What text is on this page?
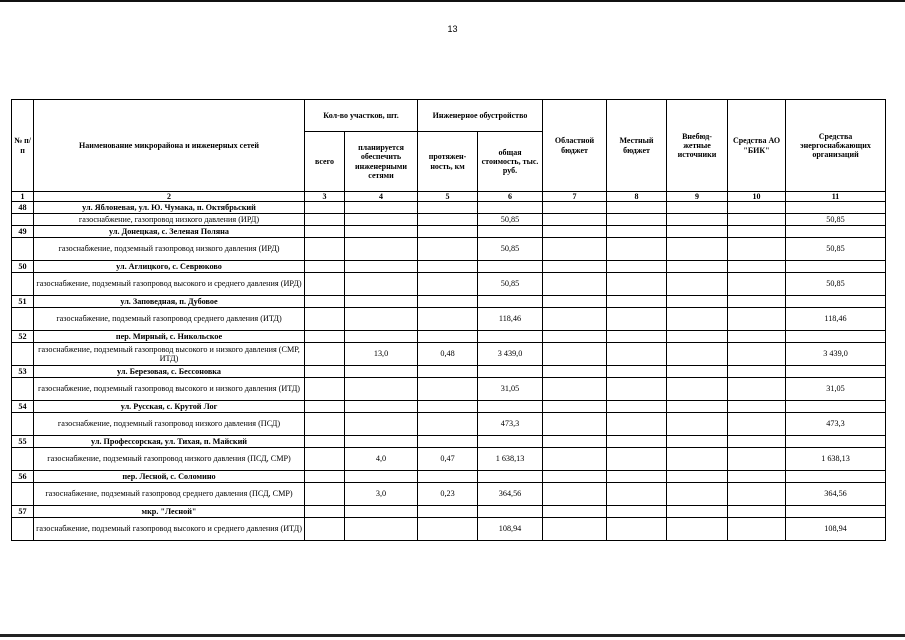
13
№ п/п	Наименование микрорайона и инженерных сетей	Кол-во участков, шт.		Инженерное обустройство		Областной бюджет	Местный бюджет	Внебюд-жетные источники	Средства АО "БИК"	Средства энергоснабжающих организаций
		всего	планируется обеспечить инженерными сетями	протяжен-ность, км	общая стоимость, тыс. руб.					
1	2	3	4	5	6	7	8	9	10	11
48	ул. Яблоневая, ул. Ю. Чумака, п. Октябрьский									
	газоснабжение, газопровод низкого давления (ИРД)				50,85					50,85
49	ул. Донецкая, с. Зеленая Поляна									
	газоснабжение, подземный газопровод низкого давления (ИРД)				50,85					50,85
50	ул. Аглицкого, с. Севрюково									
	газоснабжение, подземный газопровод высокого и среднего давления (ИРД)				50,85					50,85
51	ул. Заповедная, п. Дубовое									
	газоснабжение, подземный газопровод среднего давления (ИТД)				118,46					118,46
52	пер. Мирный, с. Никольское									
	газоснабжение, подземный газопровод высокого и низкого давления (СМР, ИТД)		13,0	0,48	3 439,0					3 439,0
53	ул. Березовая, с. Бессоновка									
	газоснабжение, подземный газопровод высокого и низкого давления (ИТД)				31,05					31,05
54	ул. Русская, с. Крутой Лог									
	газоснабжение, подземный газопровод низкого давления (ПСД)				473,3					473,3
55	ул. Профессорская, ул. Тихая, п. Майский									
	газоснабжение, подземный газопровод низкого давления (ПСД, СМР)		4,0	0,47	1 638,13					1 638,13
56	пер. Лесной, с. Соломино									
	газоснабжение, подземный газопровод среднего давления (ПСД, СМР)		3,0	0,23	364,56					364,56
57	мкр. "Лесной"									
	газоснабжение, подземный газопровод высокого и среднего давления (ИТД)				108,94					108,94
